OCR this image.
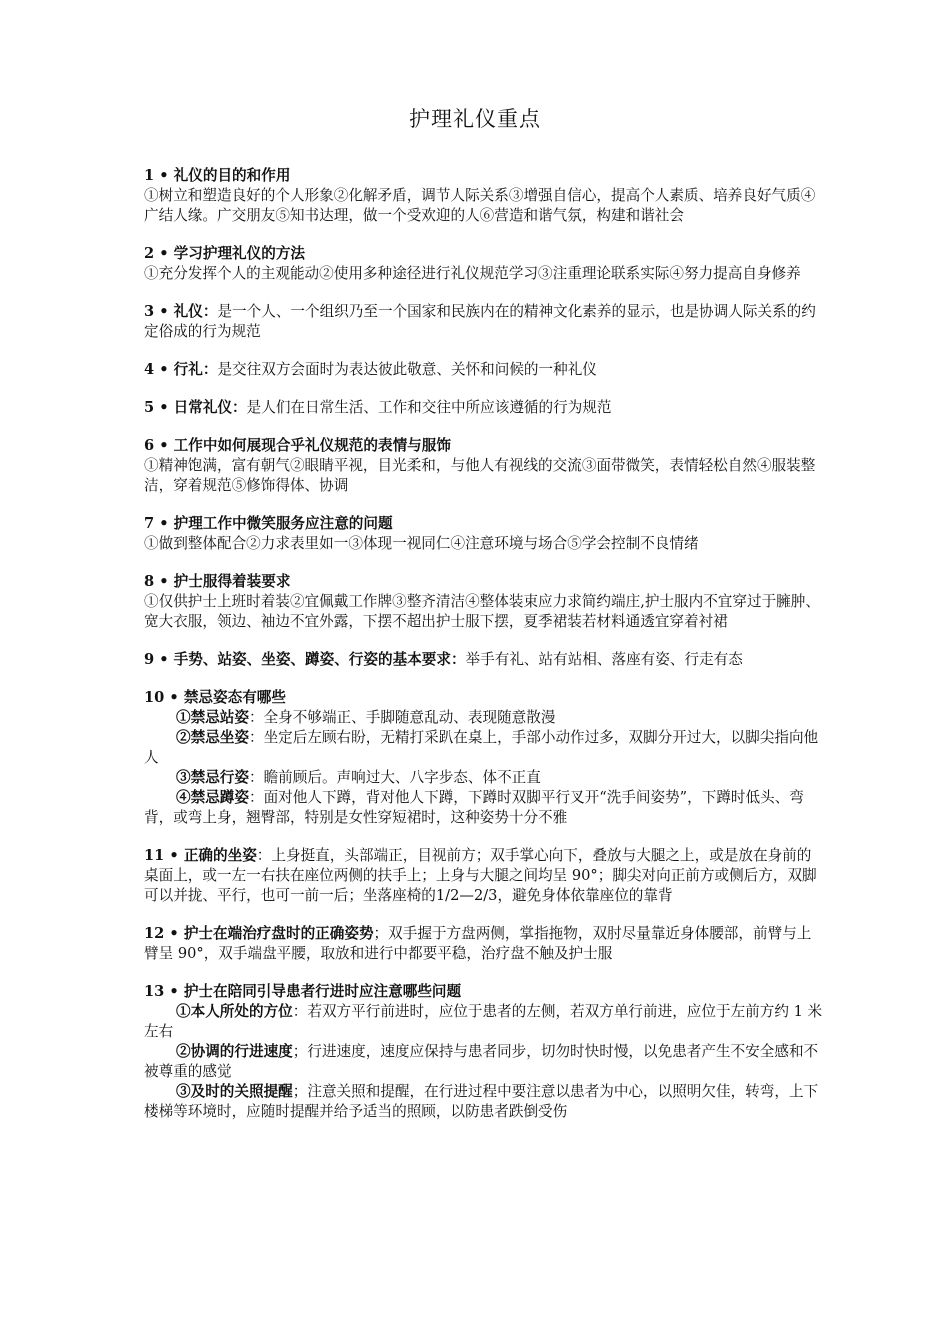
护理礼仪重点

1 • 礼仪的目的和作用

①树立和塑造良好的个人形象②化解矛盾，调节人际关系③增强自信心，提高个人素质、培养良好气质④广结人缘。广交朋友⑤知书达理，做一个受欢迎的人⑥营造和谐气氛，构建和谐社会

2 • 学习护理礼仪的方法

①充分发挥个人的主观能动②使用多种途径进行礼仪规范学习③注重理论联系实际④努力提高自身修养

3 • 礼仪：是一个人、一个组织乃至一个国家和民族内在的精神文化素养的显示，也是协调人际关系的约定俗成的行为规范

4 • 行礼：是交往双方会面时为表达彼此敬意、关怀和问候的一种礼仪

5 • 日常礼仪：是人们在日常生活、工作和交往中所应该遵循的行为规范

6 • 工作中如何展现合乎礼仪规范的表情与服饰

①精神饱满，富有朝气②眼睛平视，目光柔和，与他人有视线的交流③面带微笑，表情轻松自然④服装整洁，穿着规范⑤修饰得体、协调

7 • 护理工作中微笑服务应注意的问题

①做到整体配合②力求表里如一③体现一视同仁④注意环境与场合⑤学会控制不良情绪

8 • 护士服得着装要求

①仅供护士上班时着装②宜佩戴工作牌③整齐清洁④整体装束应力求简约端庄,护士服内不宜穿过于臃肿、宽大衣服，领边、袖边不宜外露，下摆不超出护士服下摆，夏季裙装若材料通透宜穿着衬裙

9 • 手势、站姿、坐姿、蹲姿、行姿的基本要求：举手有礼、站有站相、落座有姿、行走有态

10 • 禁忌姿态有哪些

①禁忌站姿：全身不够端正、手脚随意乱动、表现随意散漫

②禁忌坐姿：坐定后左顾右盼，无精打采趴在桌上，手部小动作过多，双脚分开过大，以脚尖指向他人

③禁忌行姿：瞻前顾后。声响过大、八字步态、体不正直

④禁忌蹲姿：面对他人下蹲，背对他人下蹲，下蹲时双脚平行叉开“洗手间姿势”，下蹲时低头、弯背，或弯上身，翘臀部，特别是女性穿短裙时，这种姿势十分不雅

11 • 正确的坐姿：上身挺直，头部端正，目视前方；双手掌心向下，叠放与大腿之上，或是放在身前的桌面上，或一左一右扶在座位两侧的扶手上；上身与大腿之间均呈 90°；脚尖对向正前方或侧后方，双脚可以并拢、平行，也可一前一后；坐落座椅的1/2—2/3，避免身体依靠座位的靠背

12 • 护士在端治疗盘时的正确姿势；双手握于方盘两侧，掌指拖物，双肘尽量靠近身体腰部，前臂与上臂呈 90°，双手端盘平腰，取放和进行中都要平稳，治疗盘不触及护士服

13 • 护士在陪同引导患者行进时应注意哪些问题

①本人所处的方位：若双方平行前进时，应位于患者的左侧，若双方单行前进，应位于左前方约 1 米左右

②协调的行进速度；行进速度，速度应保持与患者同步，切勿时快时慢，以免患者产生不安全感和不被尊重的感觉

③及时的关照提醒；注意关照和提醒，在行进过程中要注意以患者为中心，以照明欠佳，转弯，上下楼梯等环境时，应随时提醒并给予适当的照顾，以防患者跌倒受伤
